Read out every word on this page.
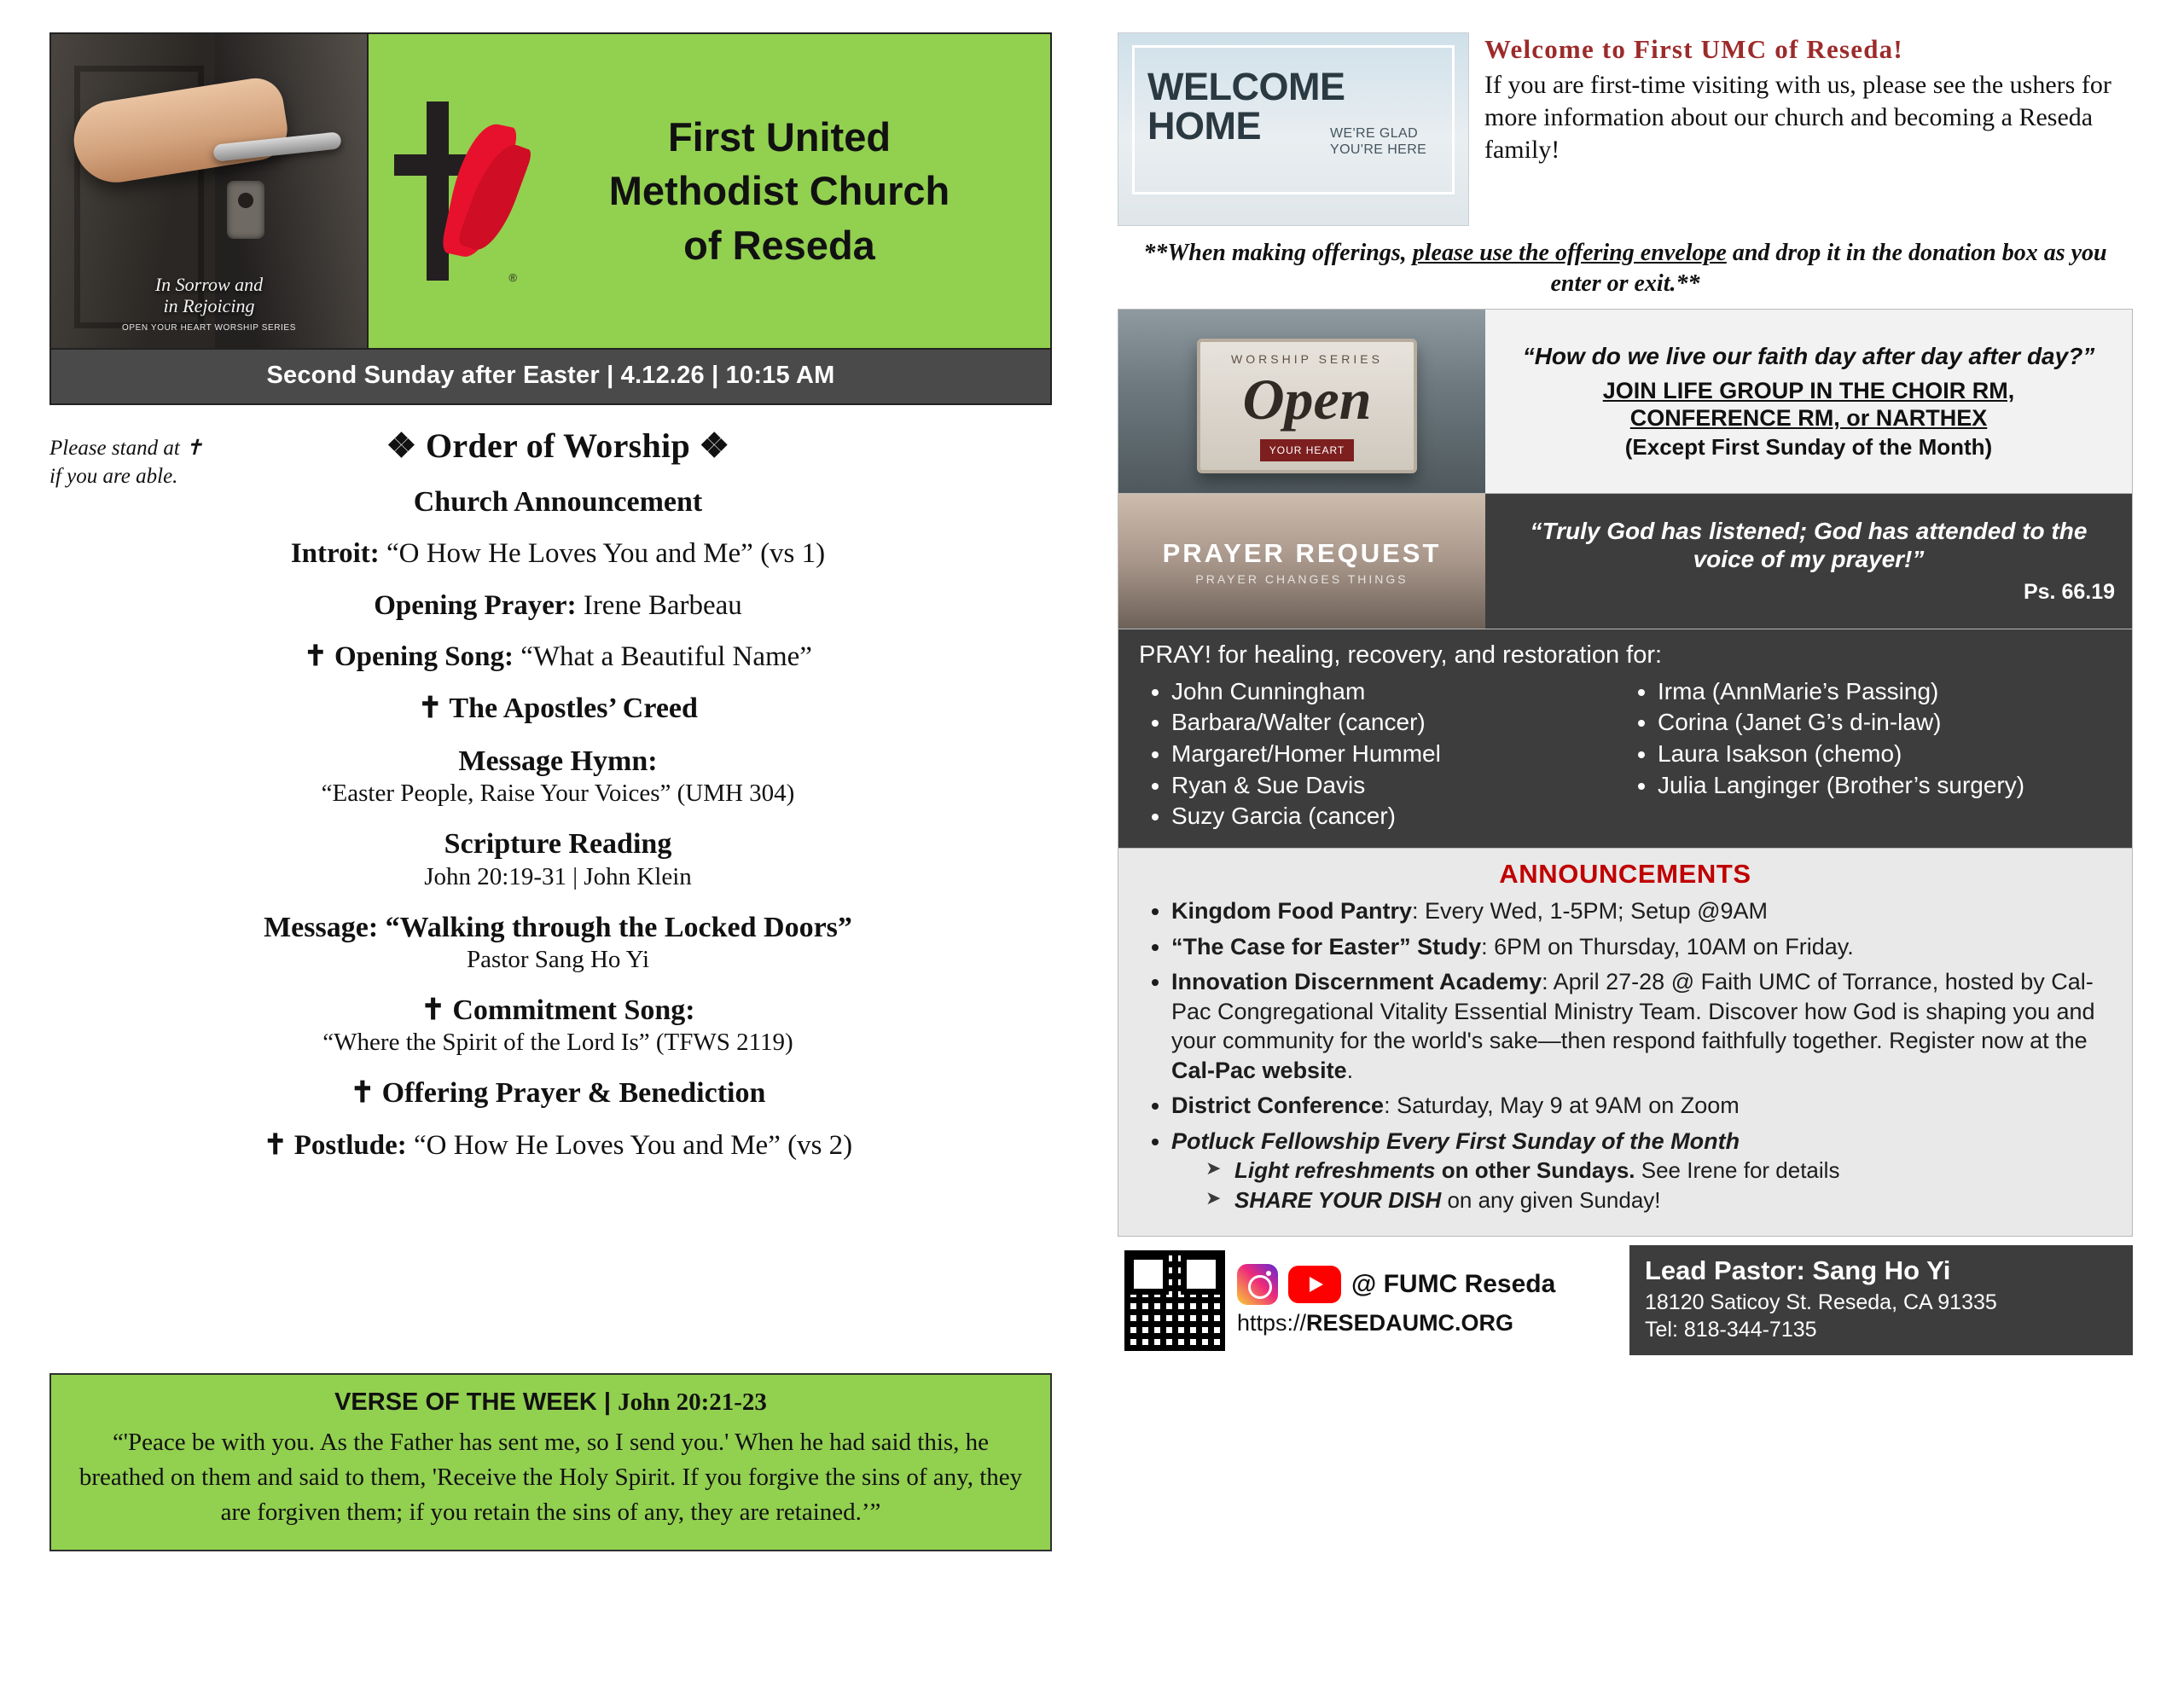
In Sorrow and
in Rejoicing
OPEN YOUR HEART WORSHIP SERIES
®
First United
Methodist Church
of Reseda
Second Sunday after Easter | 4.12.26 | 10:15 AM
Please stand at ✝
if you are able.
❖ Order of Worship ❖
Church Announcement
Introit: “O How He Loves You and Me” (vs 1)
Opening Prayer: Irene Barbeau
✝ Opening Song: “What a Beautiful Name”
✝ The Apostles’ Creed
Message Hymn:
“Easter People, Raise Your Voices” (UMH 304)
Scripture Reading
John 20:19-31 | John Klein
Message: “Walking through the Locked Doors”
Pastor Sang Ho Yi
✝ Commitment Song:
“Where the Spirit of the Lord Is” (TFWS 2119)
✝ Offering Prayer & Benediction
✝ Postlude: “O How He Loves You and Me” (vs 2)
VERSE OF THE WEEK | John 20:21-23
“'Peace be with you. As the Father has sent me, so I send you.' When he had said this, he breathed on them and said to them, 'Receive the Holy Spirit. If you forgive the sins of any, they are forgiven them; if you retain the sins of any, they are retained.’”
WELCOME
HOME	WE'RE GLAD
YOU'RE HERE
Welcome to First UMC of Reseda!
If you are first-time visiting with us, please see the ushers for more information about our church and becoming a Reseda family!
**When making offerings, please use the offering envelope and drop it in the donation box as you enter or exit.**
WORSHIP SERIES
Open
YOUR HEART
“How do we live our faith day after day after day?”
JOIN LIFE GROUP IN THE CHOIR RM,
CONFERENCE RM, or NARTHEX
(Except First Sunday of the Month)
PRAYER REQUEST
PRAYER CHANGES THINGS
“Truly God has listened; God has attended to the voice of my prayer!”
Ps. 66.19
PRAY! for healing, recovery, and restoration for:
• John Cunningham
• Barbara/Walter (cancer)
• Margaret/Homer Hummel
• Ryan & Sue Davis
• Suzy Garcia (cancer)
• Irma (AnnMarie’s Passing)
• Corina (Janet G’s d-in-law)
• Laura Isakson (chemo)
• Julia Langinger (Brother’s surgery)
ANNOUNCEMENTS
• Kingdom Food Pantry: Every Wed, 1-5PM; Setup @9AM
• “The Case for Easter” Study: 6PM on Thursday, 10AM on Friday.
• Innovation Discernment Academy: April 27-28 @ Faith UMC of Torrance, hosted by Cal-Pac Congregational Vitality Essential Ministry Team. Discover how God is shaping you and your community for the world's sake—then respond faithfully together. Register now at the Cal-Pac website.
• District Conference: Saturday, May 9 at 9AM on Zoom
• Potluck Fellowship Every First Sunday of the Month
➤ Light refreshments on other Sundays. See Irene for details
➤ SHARE YOUR DISH on any given Sunday!
@ FUMC Reseda
https://RESEDAUMC.ORG
Lead Pastor: Sang Ho Yi
18120 Saticoy St. Reseda, CA 91335
Tel: 818-344-7135
